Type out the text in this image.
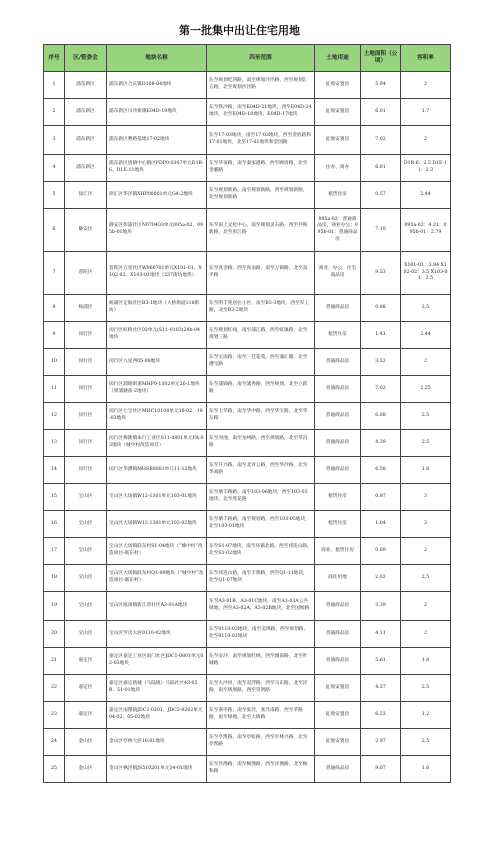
第一批集中出让住宅用地
序号	区/管委会	地块名称	四至范围	土地用途	土地面积（公顷）	容积率
1	浦东新区	浦东新区合庆镇D108-04地块	东至规划纪四路，南至规划沙泾路，西至规划汇五路，北至规划沙泾路	征收安置房	5.94	2
2	浦东新区	浦东新区川沙新镇E04D-19地块	东至铁沙路，南至E04D-21地块，西至E04D-24地块，北至E04D-18地块、E04D-17地块	征收安置房	6.01	1.7
3	浦东新区	浦东新区曹路基地17-02地块	东至17-03地块，南至17-03地块，西至金底路和17-01地块，北至17-01地块和金园路	征收安置房	7.02	2
4	浦东新区	浦东新区唐镇中心镇区PDP0-0307单元D1B-6、D1E-11地块	东至华谊路，南至秦家港路，西至顾唐路，北至金湘路	住办、商办	6.81	D1B-6：2.5 D1E-11：2.3
5	徐汇区	徐汇区华泾镇XHP00001单元G4-2地块	东至规划新路，南至规划新路，西至规划新路，北至规划新路	租赁住房	0.57	2.44
6	静安区	静安区彭浦社区N070403单元095a-02、095b-01地块	东至南上文化中心，南至规划灵石路，西至共和新路，北至彭江路	095a-02：普通商品房，商业办公；095b-01：普通商品房	7.10	095a-02：4.31；095b-01：2.79
7	普陀区	普陀区万里社区W060701单元X101-01、X102-02、X103-01地块（237街坊地块）	东至真金路，西至真南路，南至万镇路，北至富平路	商业、办公、住宅商品房	9.53	X101-01：3.84 X102-02：3.5 X103-01：2.5
8	杨浦区	杨浦区定海社区B3-1地块（大桥街道118街坊）	东至明丰苑居住小区，南至B3-3地块，西至军工路，北至B3-2地块	普通商品房	0.88	2.5
9	闵行区	闵行区虹桥社区03单元(S11-0103)29b-04地块	东至规划红线，南至浦江路，西至虹镇路，北至规划三路	租赁住房	1.41	2.44
10	闵行区	闵行区九星西05-08地块	东至宝南路，南至三佳花苑，西至蒲汇塘，北至漕宝路	普通商品房	3.32	2
11	闵行区	闵行区浦锦街道MHP0-1302单元26-1地块（周浦塘南-2地块）	东至浦锦路，南至浦秀路，西至规划，北至立跃路	普通商品房	7.02	2.25
12	闵行区	闵行区七宝社区MHC10104单元16-02、18-03地块	东至七莘路，南至华中路，西至华宝路，北至华友路	普通商品房	6.68	2.5
13	闵行区	闵行区梅陇镇朱行工业区S11-0801单元FA-03地块（城中村改造项目）	东至河池，南至龙州路，西至规划路，北至莘沟路	普通商品房	4.39	2.5
14	闵行区	闵行区华漕镇MHSB0001单元11-12地块	东至开兴路，南至北青公路，西至华沙路，北至华高路	普通商品房	6.58	1.8
15	宝山区	宝山区大场镇W12-1301单元103-01地块	东至塘丰路路，南至103-06地块，西至103-03地块，北至莲花路	租赁住房	0.87	3
16	宝山区	宝山区大场镇W12-1301单元103-02地块	东至塘丰路路，南至规划路，西至103-05地块，北至103-01地块	租赁住房	1.04	3
17	宝山区	宝山区大场镇联东村S1-04地块（“城中村”改造项目-联东村）	东至S1-07地块，南至环镇北路，西至祁连山路，北至S1-02地块	商业、租赁住房	0.69	2
18	宝山区	宝山区大场镇联东村Q1-09地块（“城中村”改造项目-联东村）	东至祁连山路，南至丰翔路，西至Q1-11地块，北至Q1-07地块	商住用地	2.02	2.5
19	宝山区	宝山区淞南镇新江湾社区A3-01A地块	东至A3-01B、A3-01C地块，南至A3-03A公共绿地，西至A3-02A、A3-02B地块，北至国闻路	普通商品房	3.39	2
20	宝山区	宝山区罗店大居0110-02地块	东至0110-03地块，南至美博路，西至规划路，北至0110-01地块	普通商品房	4.11	2
21	嘉定区	嘉定区嘉定工业区南门社区JDC1-0801单元02-03地块	东至安沙，南至规划红线，西至城南路，北至叶城路	普通商品房	5.61	1.8
22	嘉定区	嘉定区嘉定新城（马陆镇）马陆社区43-05B、51-01地块	东至大沙河，南至双浮路，西至马东路，北至洋路，南至规划路，西至崇贤路	征收安置房	4.37	2.5
23	嘉定区	嘉定区南翔镇JDC2-0201、JDC2-0202单元04-02、05-02地块	东至嘉申路，南至张泾，张泾南路，西至莘路路，南至绿地，北至大街路	征收安置房	6.23	1.2
24	金山区	金山区亭林大居10-01地块	东至亭凯路，南至亭虹路，西至亭林兴路，北至亭凯路	征收安置房	2.97	2.5
25	金山区	金山区枫泾镇JS510201单元34-01地块	东至泾渔路，南至枫渔路，西至泾渔路，北至枫和路	普通商品房	9.07	1.6
